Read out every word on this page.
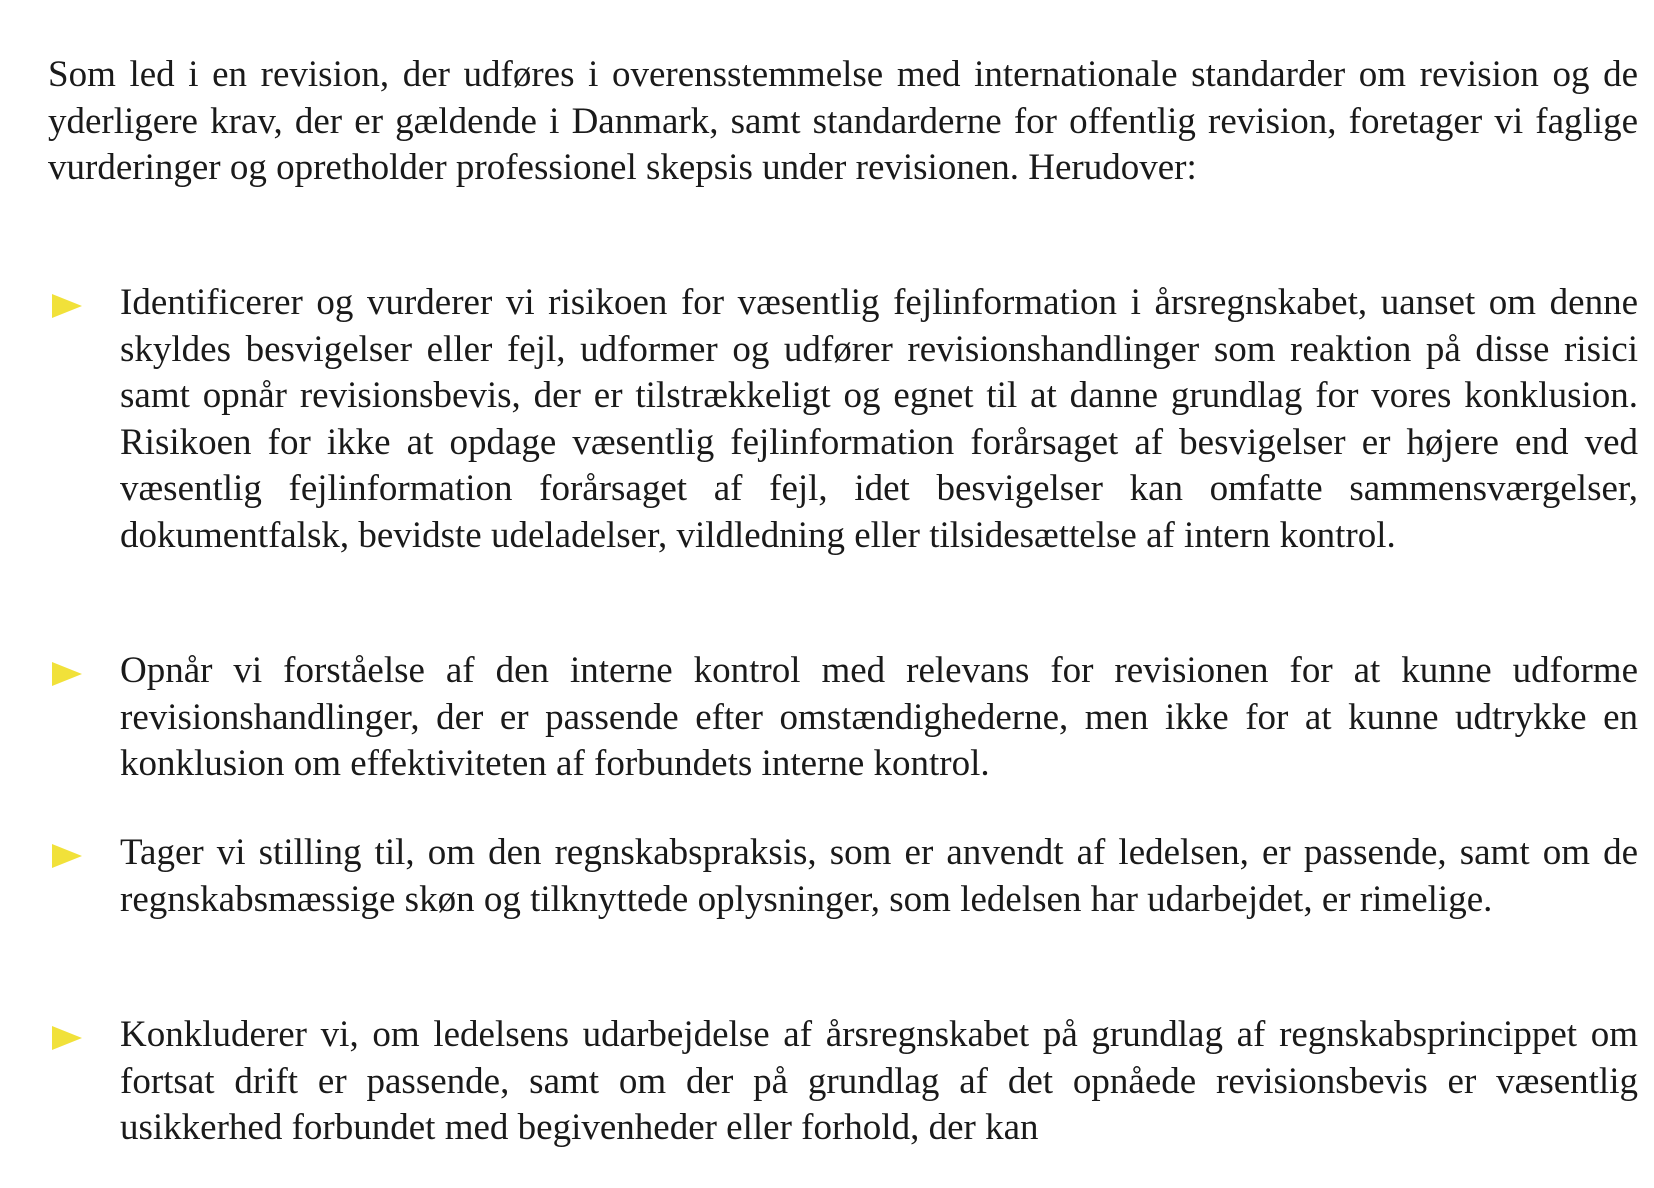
Som led i en revision, der udføres i overensstemmelse med internationale standarder om revision og de yderligere krav, der er gældende i Danmark, samt standarderne for offentlig revision, foretager vi faglige vurderinger og opretholder professionel skepsis under revisionen. Herudover:

Identificerer og vurderer vi risikoen for væsentlig fejlinformation i årsregnskabet, uanset om denne skyldes besvigelser eller fejl, udformer og udfører revisionshandlinger som reaktion på disse risici samt opnår revisionsbevis, der er tilstrækkeligt og egnet til at danne grundlag for vores konklusion. Risikoen for ikke at opdage væsentlig fejlinformation forårsaget af besvigelser er højere end ved væsentlig fejlinformation forårsaget af fejl, idet besvigelser kan omfatte sammensværgelser, dokumentfalsk, bevidste udeladelser, vildledning eller tilsidesættelse af intern kontrol.

Opnår vi forståelse af den interne kontrol med relevans for revisionen for at kunne udforme revisionshandlinger, der er passende efter omstændighederne, men ikke for at kunne udtrykke en konklusion om effektiviteten af forbundets interne kontrol.

Tager vi stilling til, om den regnskabspraksis, som er anvendt af ledelsen, er passende, samt om de regnskabsmæssige skøn og tilknyttede oplysninger, som ledelsen har udarbejdet, er rimelige.

Konkluderer vi, om ledelsens udarbejdelse af årsregnskabet på grundlag af regnskabsprincippet om fortsat drift er passende, samt om der på grundlag af det opnåede revisionsbevis er væsentlig usikkerhed forbundet med begivenheder eller forhold, der kan
